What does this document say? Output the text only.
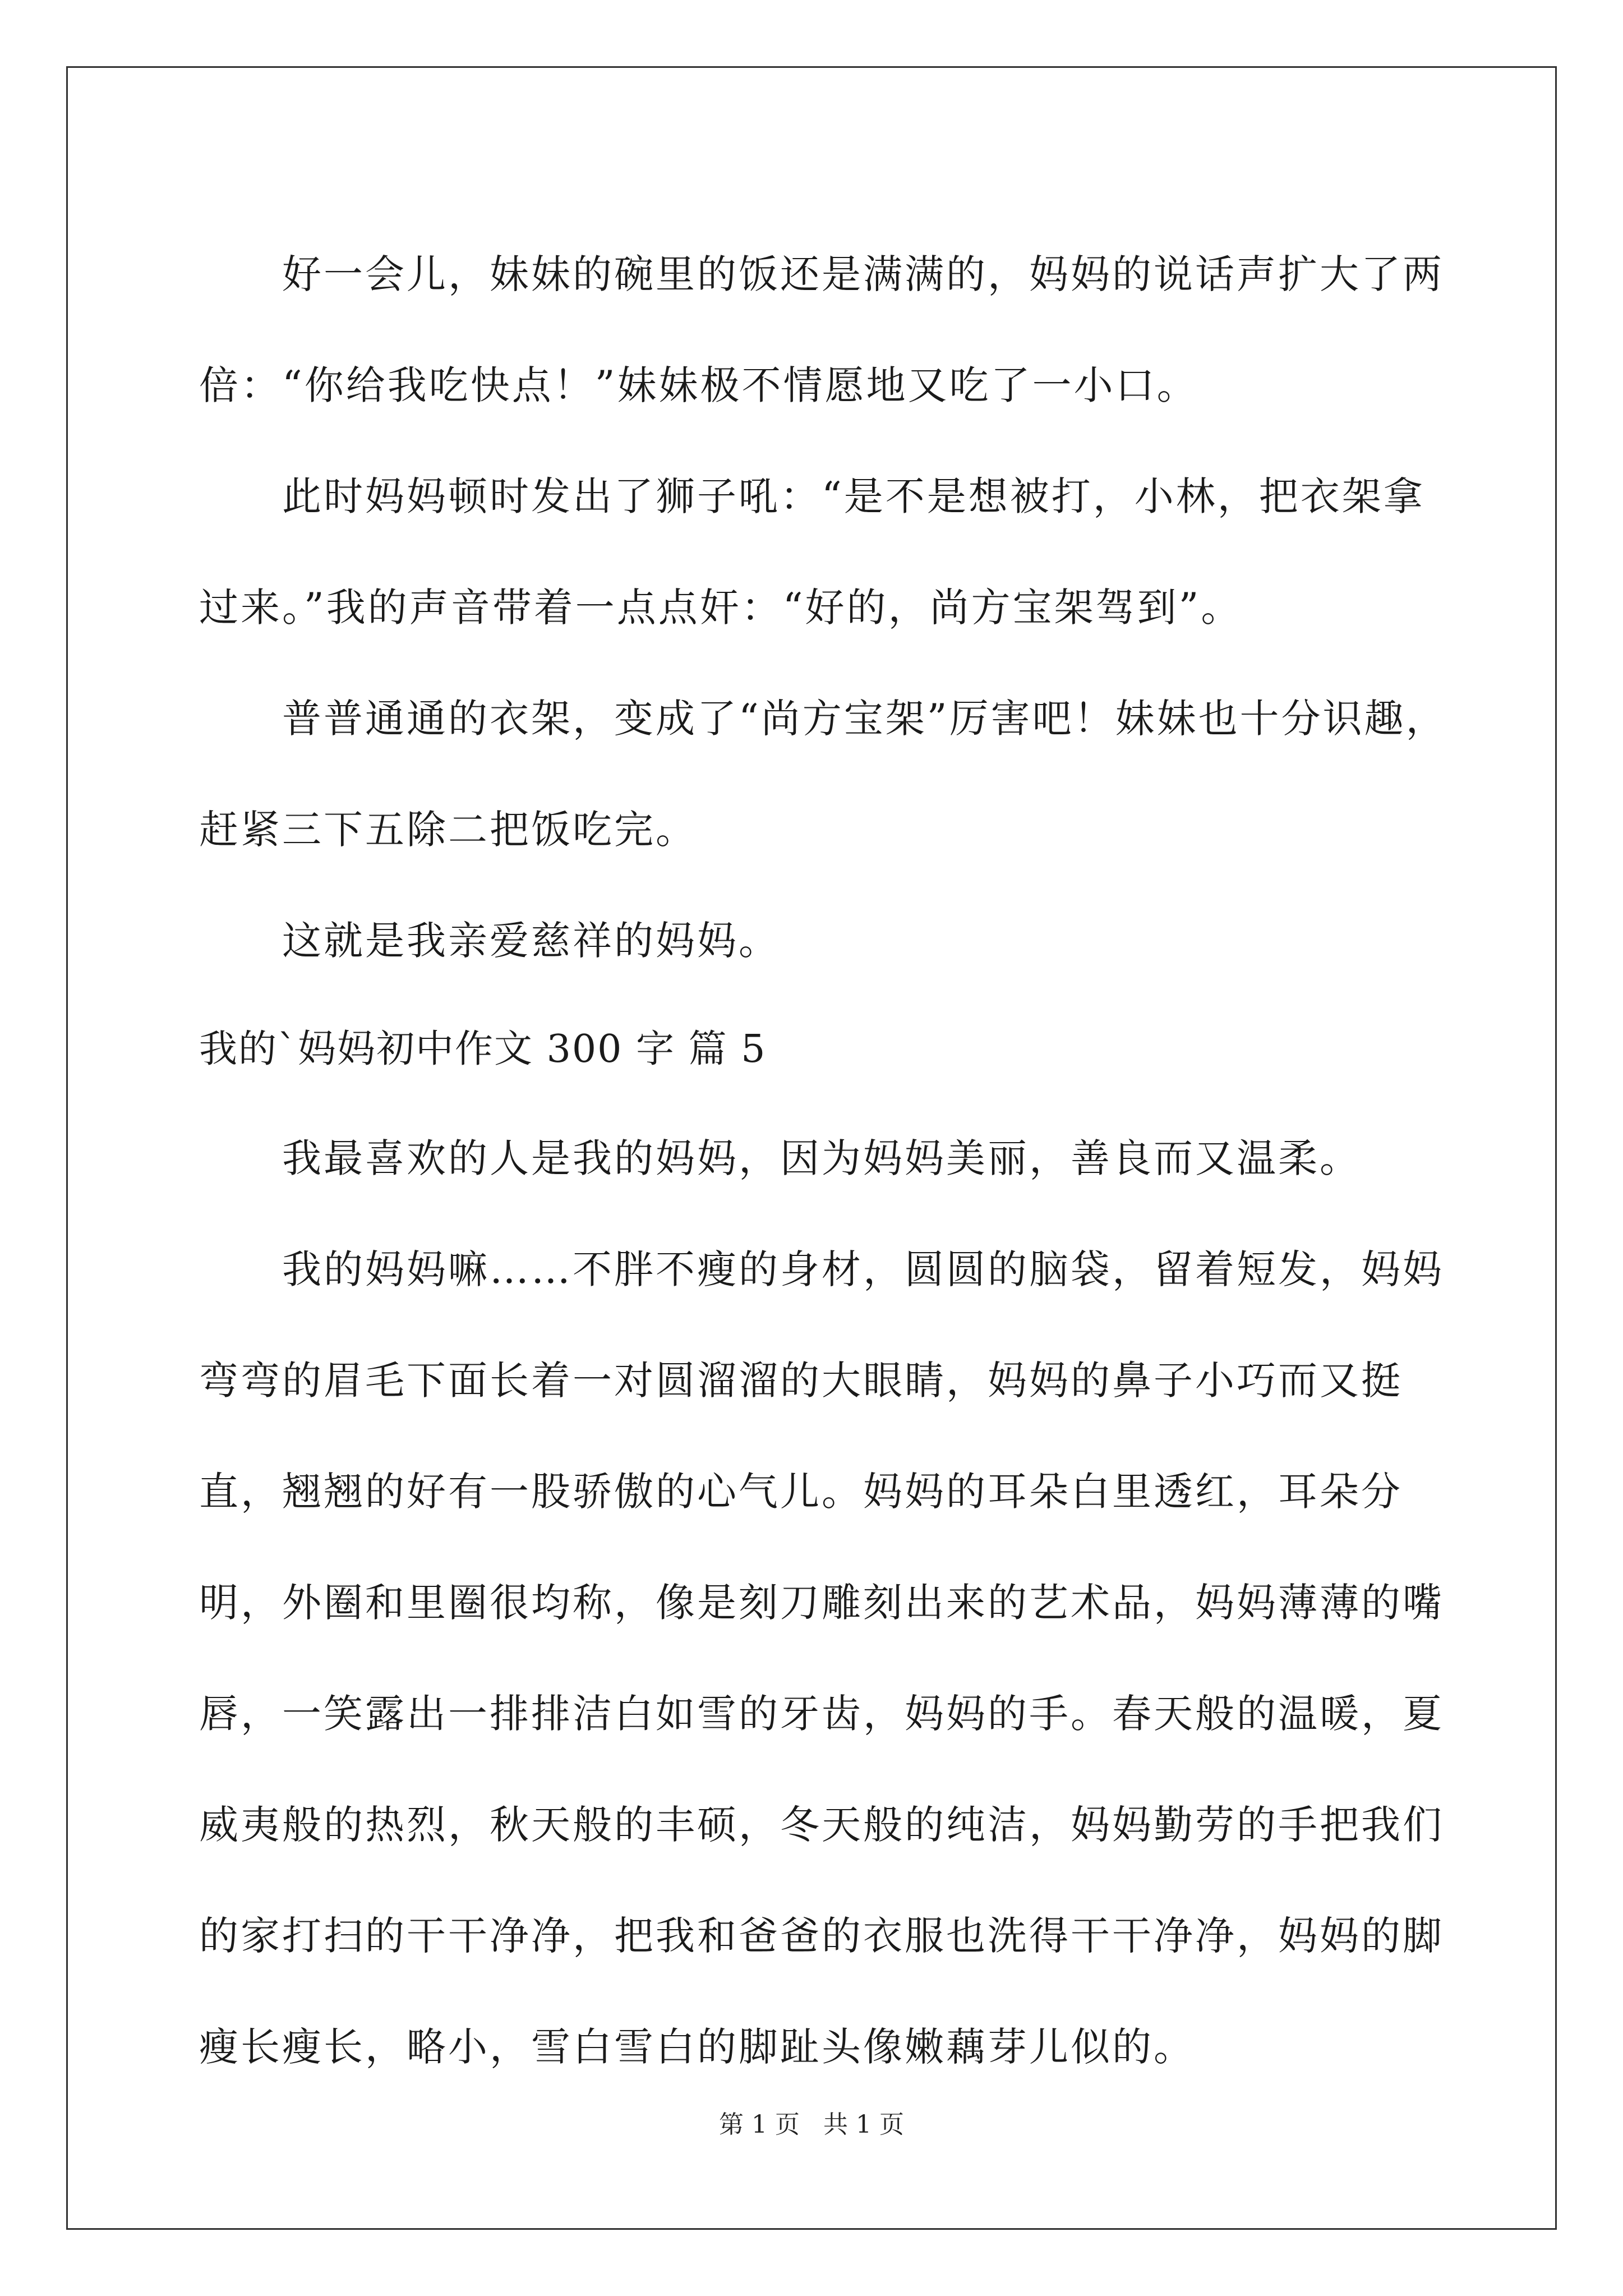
好一会儿，妹妹的碗里的饭还是满满的，妈妈的说话声扩大了两倍：“你给我吃快点！”妹妹极不情愿地又吃了一小口。

此时妈妈顿时发出了狮子吼：“是不是想被打，小林，把衣架拿过来。”我的声音带着一点点奸：“好的，尚方宝架驾到”。

普普通通的衣架，变成了“尚方宝架”厉害吧！妹妹也十分识趣，赶紧三下五除二把饭吃完。

这就是我亲爱慈祥的妈妈。

我的`妈妈初中作文 300 字 篇 5

我最喜欢的人是我的妈妈，因为妈妈美丽，善良而又温柔。

我的妈妈嘛……不胖不瘦的身材，圆圆的脑袋，留着短发，妈妈弯弯的眉毛下面长着一对圆溜溜的大眼睛，妈妈的鼻子小巧而又挺直，翘翘的好有一股骄傲的心气儿。妈妈的耳朵白里透红，耳朵分明，外圈和里圈很均称，像是刻刀雕刻出来的艺术品，妈妈薄薄的嘴唇，一笑露出一排排洁白如雪的牙齿，妈妈的手。春天般的温暖，夏威夷般的热烈，秋天般的丰硕，冬天般的纯洁，妈妈勤劳的手把我们的家打扫的干干净净，把我和爸爸的衣服也洗得干干净净，妈妈的脚瘦长瘦长，略小，雪白雪白的脚趾头像嫩藕芽儿似的。

第 1 页 共 1 页
